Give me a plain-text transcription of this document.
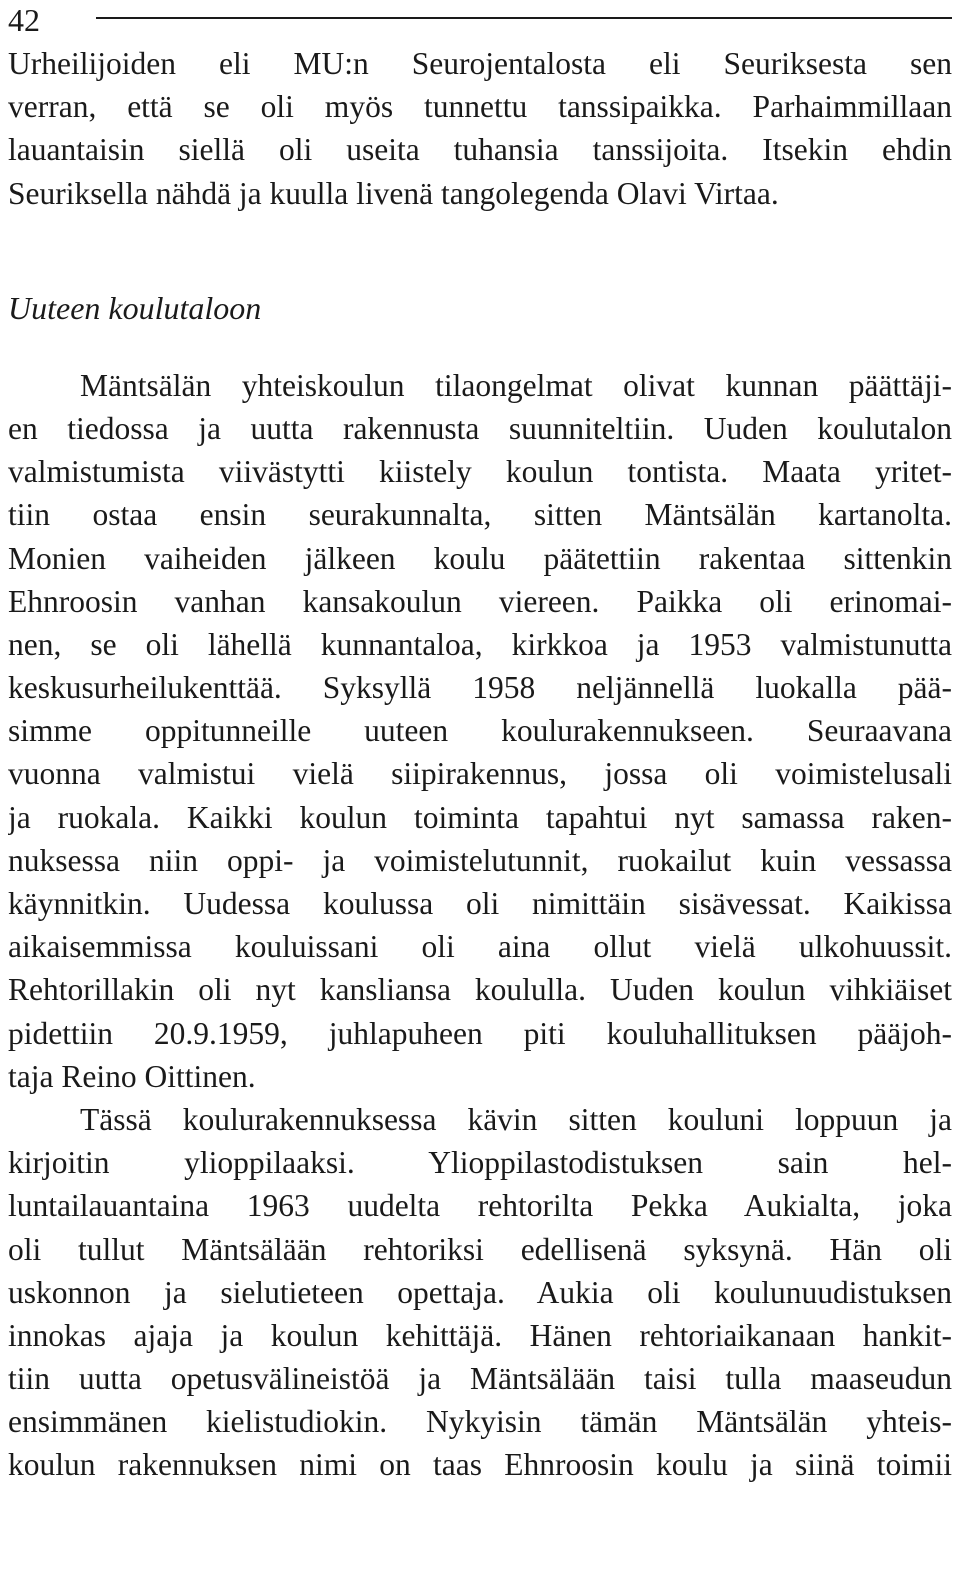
42
Urheilijoiden eli MU:n Seurojentalosta eli Seuriksesta sen
verran, että se oli myös tunnettu tanssipaikka. Parhaimmillaan
lauantaisin siellä oli useita tuhansia tanssijoita. Itsekin ehdin
Seuriksella nähdä ja kuulla livenä tangolegenda Olavi Virtaa.
Uuteen koulutaloon
Mäntsälän yhteiskoulun tilaongelmat olivat kunnan päättäji-
en tiedossa ja uutta rakennusta suunniteltiin. Uuden koulutalon
valmistumista viivästytti kiistely koulun tontista. Maata yritet-
tiin ostaa ensin seurakunnalta, sitten Mäntsälän kartanolta.
Monien vaiheiden jälkeen koulu päätettiin rakentaa sittenkin
Ehnroosin vanhan kansakoulun viereen. Paikka oli erinomai-
nen, se oli lähellä kunnantaloa, kirkkoa ja 1953 valmistunutta
keskusurheilukenttää. Syksyllä 1958 neljännellä luokalla pää-
simme oppitunneille uuteen koulurakennukseen. Seuraavana
vuonna valmistui vielä siipirakennus, jossa oli voimistelusali
ja ruokala. Kaikki koulun toiminta tapahtui nyt samassa raken-
nuksessa niin oppi- ja voimistelutunnit, ruokailut kuin vessassa
käynnitkin. Uudessa koulussa oli nimittäin sisävessat. Kaikissa
aikaisemmissa kouluissani oli aina ollut vielä ulkohuussit.
Rehtorillakin oli nyt kansliansa koululla. Uuden koulun vihkiäiset
pidettiin 20.9.1959, juhlapuheen piti kouluhallituksen pääjoh-
taja Reino Oittinen.
Tässä koulurakennuksessa kävin sitten kouluni loppuun ja
kirjoitin ylioppilaaksi. Ylioppilastodistuksen sain hel-
luntailauantaina 1963 uudelta rehtorilta Pekka Aukialta, joka
oli tullut Mäntsälään rehtoriksi edellisenä syksynä. Hän oli
uskonnon ja sielutieteen opettaja. Aukia oli koulunuudistuksen
innokas ajaja ja koulun kehittäjä. Hänen rehtoriaikanaan hankit-
tiin uutta opetusvälineistöä ja Mäntsälään taisi tulla maaseudun
ensimmänen kielistudiokin. Nykyisin tämän Mäntsälän yhteis-
koulun rakennuksen nimi on taas Ehnroosin koulu ja siinä toimii
